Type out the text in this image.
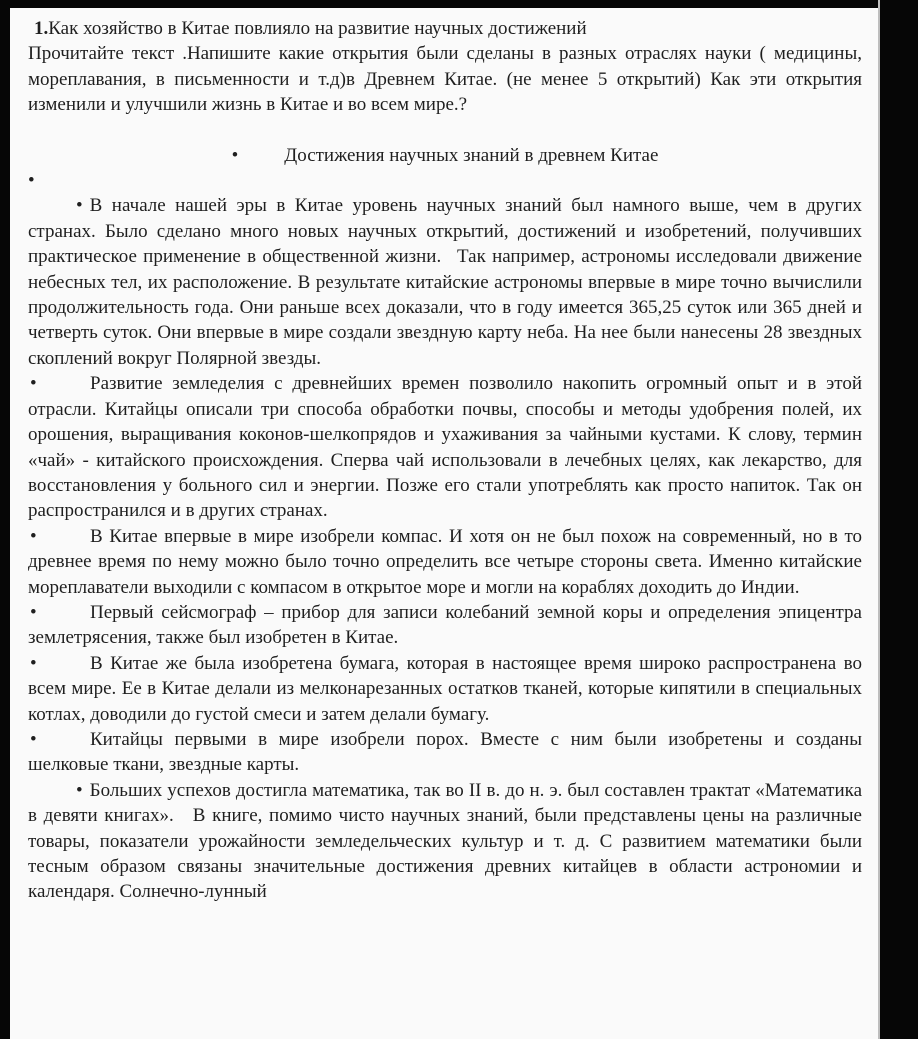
1.Как хозяйство в Китае повлияло на развитие научных достижений

Прочитайте текст .Напишите какие открытия были сделаны в разных отраслях науки ( медицины, мореплавания, в письменности и т.д)в Древнем Китае. (не менее 5 открытий) Как эти открытия изменили и улучшили жизнь в Китае и во всем мире.?

• Достижения научных знаний в древнем Китае

•

• В начале нашей эры в Китае уровень научных знаний был намного выше, чем в других странах. Было сделано много новых научных открытий, достижений и изобретений, получивших практическое применение в общественной жизни.  Так например, астрономы исследовали движение небесных тел, их расположение. В результате китайские астрономы впервые в мире точно вычислили продолжительность года. Они раньше всех доказали, что в году имеется 365,25 суток или 365 дней и четверть суток. Они впервые в мире создали звездную карту неба. На нее были нанесены 28 звездных скоплений вокруг Полярной звезды.

•	Развитие земледелия с древнейших времен позволило накопить огромный опыт и в этой отрасли. Китайцы описали три способа обработки почвы, способы и методы удобрения полей, их орошения, выращивания коконов-шелкопрядов и ухаживания за чайными кустами. К слову, термин «чай» - китайского происхождения. Сперва чай использовали в лечебных целях, как лекарство, для восстановления у больного сил и энергии. Позже его стали употреблять как просто напиток. Так он распространился и в других странах.

•	В Китае впервые в мире изобрели компас. И хотя он не был похож на современный, но в то древнее время по нему можно было точно определить все четыре стороны света. Именно китайские мореплаватели выходили с компасом в открытое море и могли на кораблях доходить до Индии.

•	Первый сейсмограф – прибор для записи колебаний земной коры и определения эпицентра землетрясения, также был изобретен в Китае.

•	В Китае же была изобретена бумага, которая в настоящее время широко распространена во всем мире. Ее в Китае делали из мелконарезанных остатков тканей, которые кипятили в специальных котлах, доводили до густой смеси и затем делали бумагу.

•	Китайцы первыми в мире изобрели порох. Вместе с ним были изобретены и созданы шелковые ткани, звездные карты.

• Больших успехов достигла математика, так во II в. до н. э. был составлен трактат «Математика в девяти книгах». В книге, помимо чисто научных знаний, были представлены цены на различные товары, показатели урожайности земледельческих культур и т. д. С развитием математики были тесным образом связаны значительные достижения древних китайцев в области астрономии и календаря. Солнечно-лунный
